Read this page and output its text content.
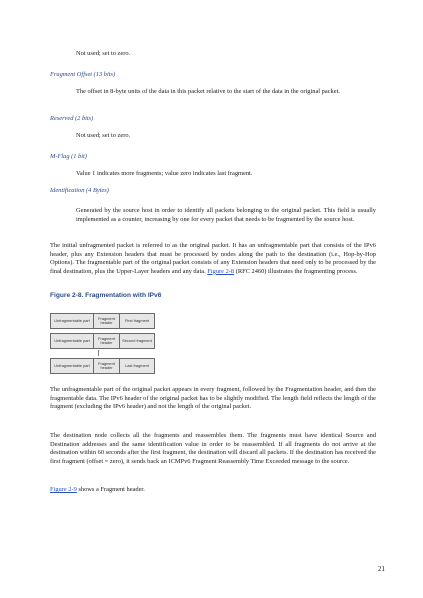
Not used; set to zero.

Fragment Offset (13 bits)

The offset in 8-byte units of the data in this packet relative to the start of the data in the original packet.

Reserved (2 bits)

Not used; set to zero.

M-Flag (1 bit)

Value 1 indicates more fragments; value zero indicates last fragment.

Identification (4 Bytes)

Generated by the source host in order to identify all packets belonging to the original packet. This field is usually implemented as a counter, increasing by one for every packet that needs to be fragmented by the source host.

The initial unfragmented packet is referred to as the original packet. It has an unfragmentable part that consists of the IPv6 header, plus any Extension headers that must be processed by nodes along the path to the destination (i.e., Hop-by-Hop Options). The fragmentable part of the original packet consists of any Extension headers that need only to be processed by the final destination, plus the Upper-Layer headers and any data. Figure 2-8 (RFC 2460) illustrates the fragmenting process.

Figure 2-8. Fragmentation with IPv6

Unfragmentable part	Fragment header	First fragment
Unfragmentable part	Fragment header	Second fragment
Unfragmentable part	Fragment header	Last fragment

The unfragmentable part of the original packet appears in every fragment, followed by the Fragmentation header, and then the fragmentable data. The IPv6 header of the original packet has to be slightly modified. The length field reflects the length of the fragment (excluding the IPv6 header) and not the length of the original packet.

The destination node collects all the fragments and reassembles them. The fragments must have identical Source and Destination addresses and the same identification value in order to be reassembled. If all fragments do not arrive at the destination within 60 seconds after the first fragment, the destination will discard all packets. If the destination has received the first fragment (offset = zero), it sends back an ICMPv6 Fragment Reassembly Time Exceeded message to the source.

Figure 2-9 shows a Fragment header.

21
